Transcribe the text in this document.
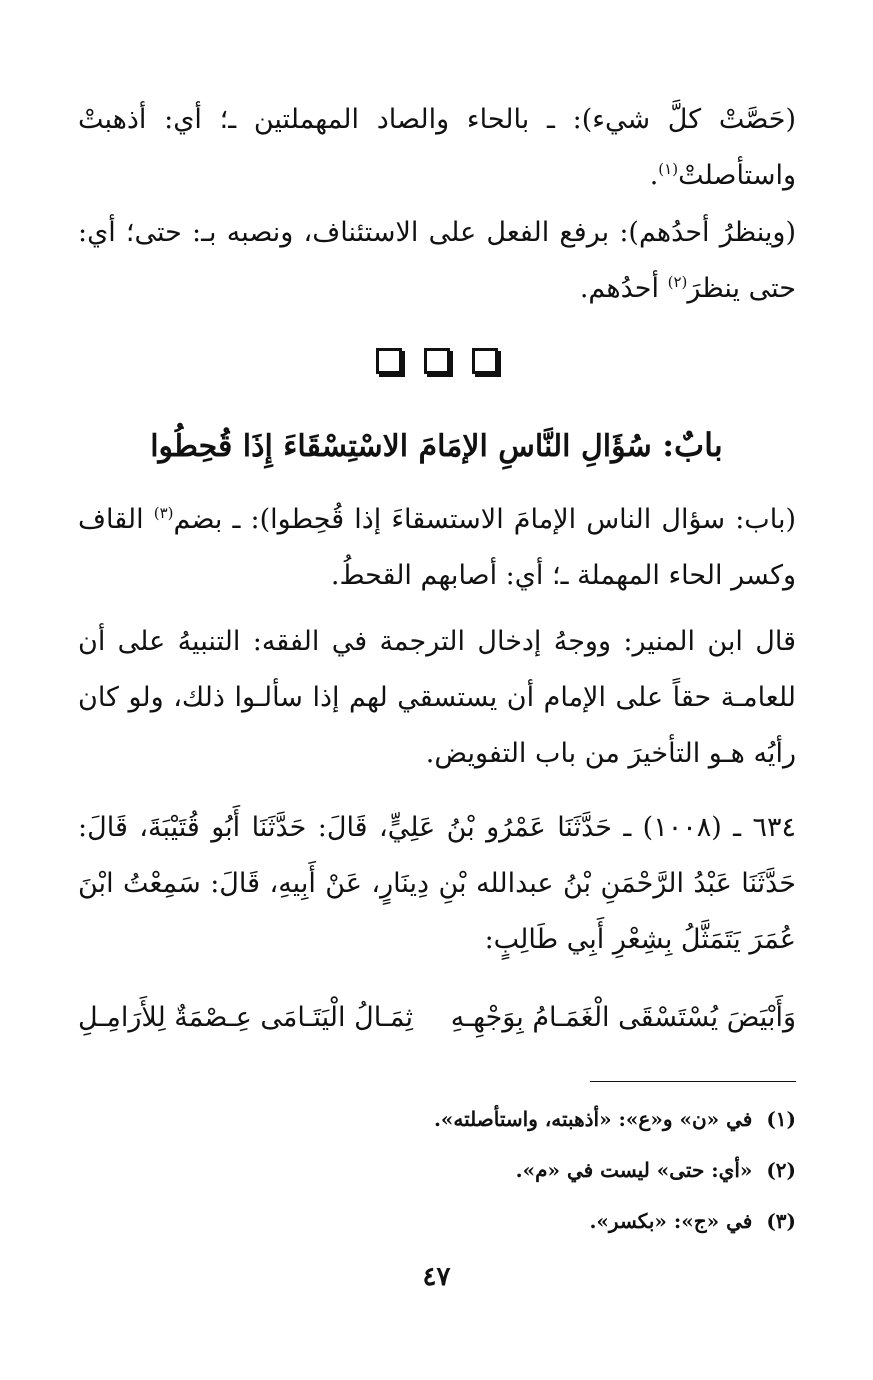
(حَصَّتْ كلَّ شيء): ـ بالحاء والصاد المهملتين ـ؛ أي: أذهبتْ واستأصلتْ$^{(١)}$.

(وينظرُ أحدُهم): برفع الفعل على الاستئناف، ونصبه بـ: حتى؛ أي: حتى ينظرَ$^{(٢)}$ أحدُهم.

بابٌ: سُؤَالِ النَّاسِ الإمَامَ الاسْتِسْقَاءَ إِذَا قُحِطُوا

(باب: سؤال الناس الإمامَ الاستسقاءَ إذا قُحِطوا): ـ بضم$^{(٣)}$ القاف وكسر الحاء المهملة ـ؛ أي: أصابهم القحطُ.

قال ابن المنير: ووجهُ إدخال الترجمة في الفقه: التنبيهُ على أن للعامـة حقاً على الإمام أن يستسقي لهم إذا سألـوا ذلك، ولو كان رأيُه هـو التأخيرَ من باب التفويض.

٦٣٤ ـ (١٠٠٨) ـ حَدَّثَنَا عَمْرُو بْنُ عَلِيٍّ، قَالَ: حَدَّثَنَا أَبُو قُتَيْبَةَ، قَالَ: حَدَّثَنَا عَبْدُ الرَّحْمَنِ بْنُ عبدالله بْنِ دِينَارٍ، عَنْ أَبِيهِ، قَالَ: سَمِعْتُ ابْنَ عُمَرَ يَتَمَثَّلُ بِشِعْرِ أَبِي طَالِبٍ:

وَأَبْيَضَ يُسْتَسْقَى الْغَمَـامُ بِوَجْهِـهِ
ثِمَـالُ الْيَتَـامَى عِـصْمَةٌ لِلأَرَامِـلِ
(١)  في «ن» و«ع»: «أذهبته، واستأصلته».
(٢)  «أي: حتى» ليست في «م».
(٣)  في «ج»: «بكسر».
٤٧
